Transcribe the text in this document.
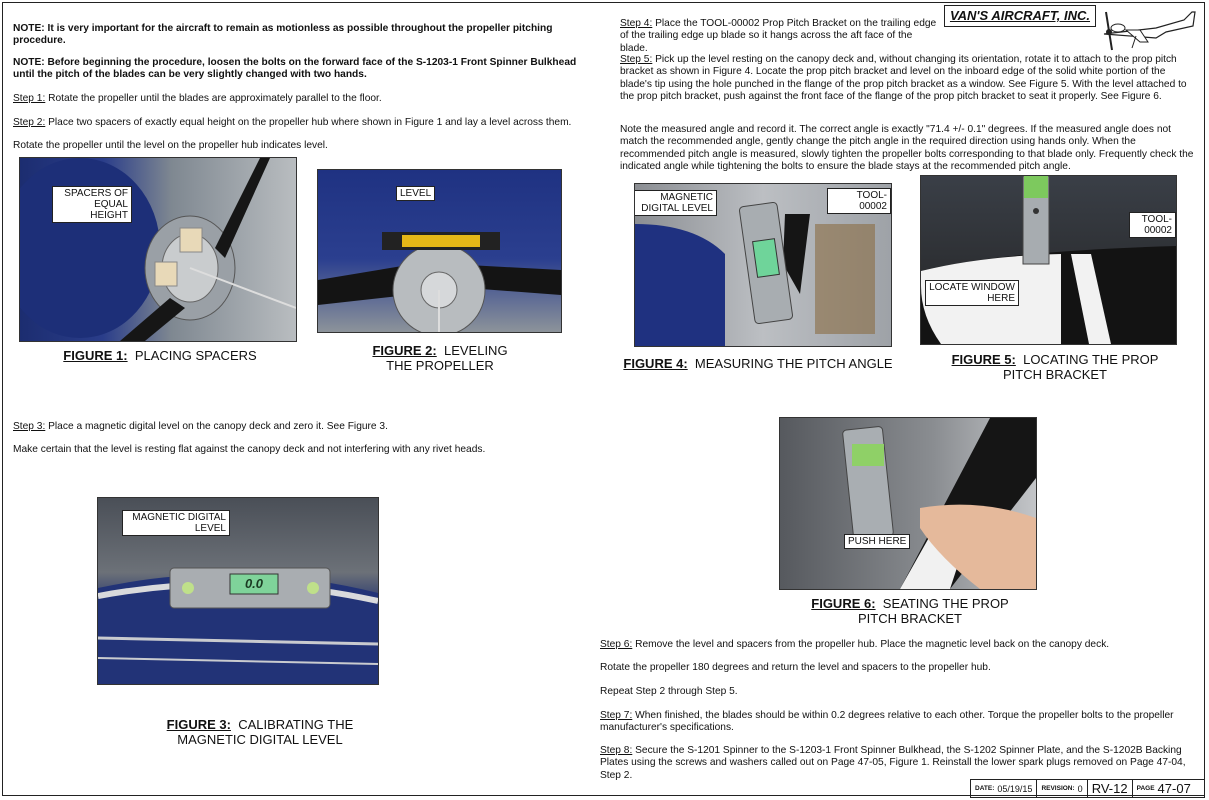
VAN'S AIRCRAFT, INC.
NOTE: It is very important for the aircraft to remain as motionless as possible throughout the propeller pitching procedure.
NOTE: Before beginning the procedure, loosen the bolts on the forward face of the S-1203-1 Front Spinner Bulkhead until the pitch of the blades can be very slightly changed with two hands.
Step 1: Rotate the propeller until the blades are approximately parallel to the floor.
Step 2: Place two spacers of exactly equal height on the propeller hub where shown in Figure 1 and lay a level across them.
Rotate the propeller until the level on the propeller hub indicates level.
SPACERS OF EQUAL HEIGHT
FIGURE 1: PLACING SPACERS
LEVEL
FIGURE 2: LEVELING
THE PROPELLER
Step 3: Place a magnetic digital level on the canopy deck and zero it. See Figure 3.
Make certain that the level is resting flat against the canopy deck and not interfering with any rivet heads.
0.0
MAGNETIC DIGITAL LEVEL
FIGURE 3: CALIBRATING THE
MAGNETIC DIGITAL LEVEL
Step 4: Place the TOOL-00002 Prop Pitch Bracket on the trailing edge of the trailing edge up blade so it hangs across the aft face of the blade.
Step 5: Pick up the level resting on the canopy deck and, without changing its orientation, rotate it to attach to the prop pitch bracket as shown in Figure 4. Locate the prop pitch bracket and level on the inboard edge of the solid white portion of the blade's tip using the hole punched in the flange of the prop pitch bracket as a window. See Figure 5. With the level attached to the prop pitch bracket, push against the front face of the flange of the prop pitch bracket to seat it properly. See Figure 6.
Note the measured angle and record it. The correct angle is exactly "71.4 +/- 0.1" degrees. If the measured angle does not match the recommended angle, gently change the pitch angle in the required direction using hands only. When the recommended pitch angle is measured, slowly tighten the propeller bolts corresponding to that blade only. Frequently check the indicated angle while tightening the bolts to ensure the blade stays at the recommended pitch angle.
MAGNETIC DIGITAL LEVEL
TOOL-00002
FIGURE 4: MEASURING THE PITCH ANGLE
TOOL-00002
LOCATE WINDOW HERE
FIGURE 5: LOCATING THE PROP
PITCH BRACKET
PUSH HERE
FIGURE 6: SEATING THE PROP
PITCH BRACKET
Step 6: Remove the level and spacers from the propeller hub. Place the magnetic level back on the canopy deck.
Rotate the propeller 180 degrees and return the level and spacers to the propeller hub.
Repeat Step 2 through Step 5.
Step 7: When finished, the blades should be within 0.2 degrees relative to each other. Torque the propeller bolts to the propeller manufacturer's specifications.
Step 8: Secure the S-1201 Spinner to the S-1203-1 Front Spinner Bulkhead, the S-1202 Spinner Plate, and the S-1202B Backing Plates using the screws and washers called out on Page 47-05, Figure 1. Reinstall the lower spark plugs removed on Page 47-04, Step 2.
DATE: 05/19/15 REVISION: 0 RV-12	PAGE 47-07
